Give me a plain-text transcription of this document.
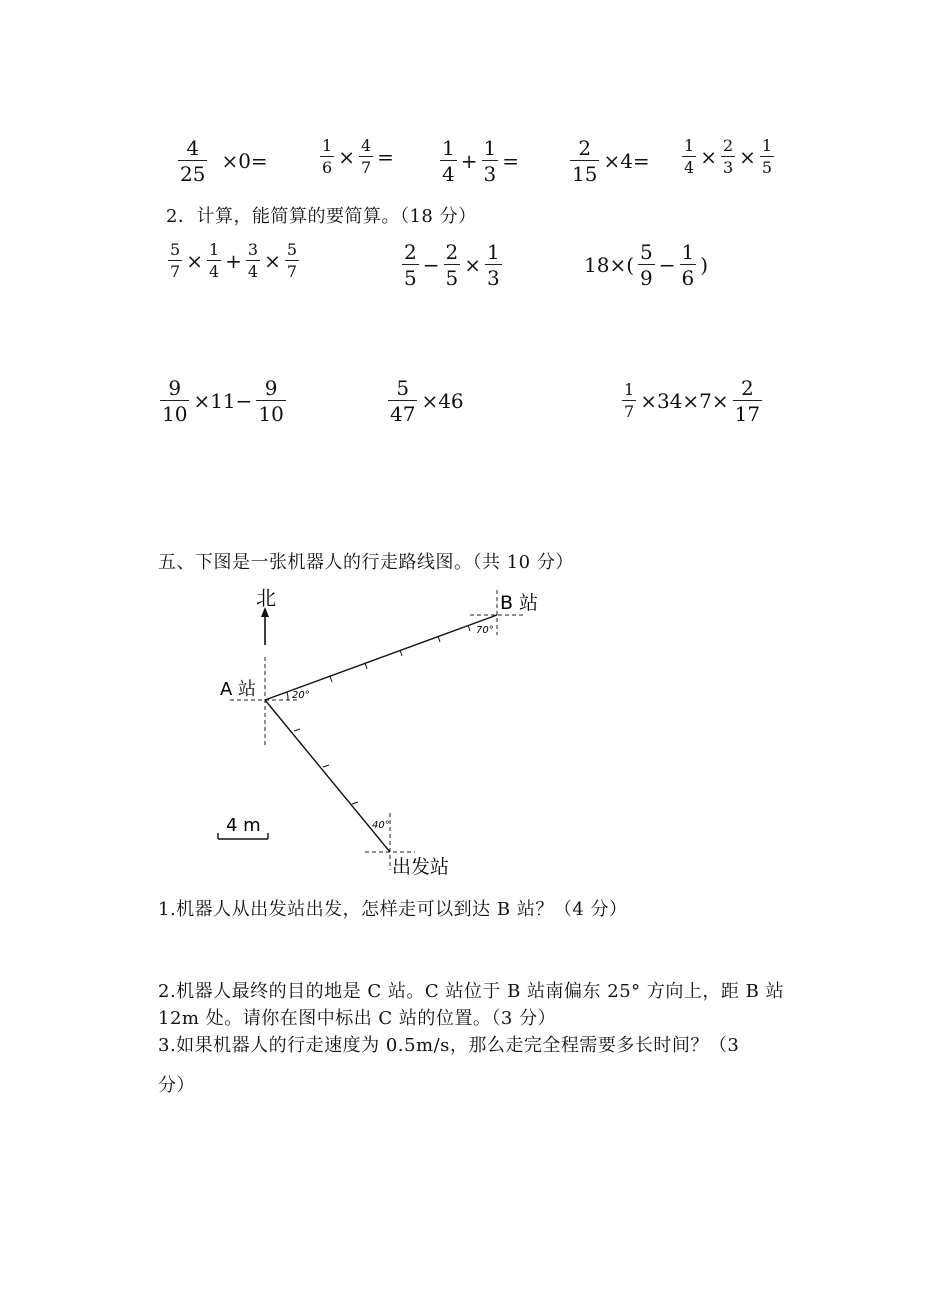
$\frac{4}{25} \times 0=$	$\frac{1}{6} \times \frac{4}{7} = \frac{1}{4} + \frac{1}{3}$ =	$\frac{2}{15} \times 4= \frac{1}{4} \times \frac{2}{3} \times \frac{1}{5}$
2．计算，能简算的要简算。（18 分）
$\frac{5}{7} \times \frac{1}{4} + \frac{3}{4} \times \frac{5}{7}$	$\frac{2}{5} - \frac{2}{5} \times \frac{1}{3}$	$18\times( \frac{5}{9} - \frac{1}{6}$ )
$\frac{9}{10} \times 11- \frac{9}{10}$	$\frac{5}{47} \times 46$	$\frac{1}{7} \times 34\times 7\times \frac{2}{17}$
五、下图是一张机器人的行走路线图。（共 10 分）
北
A 站	20°
B 站
70°
40°
出发站
4 m
1.机器人从出发站出发，怎样走可以到达 B 站？（4 分）
2.机器人最终的目的地是 C 站。C 站位于 B 站南偏东 25° 方向上，距 B 站
12m 处。请你在图中标出 C 站的位置。（3 分）
3.如果机器人的行走速度为 0.5m/s，那么走完全程需要多长时间？（3
分）
